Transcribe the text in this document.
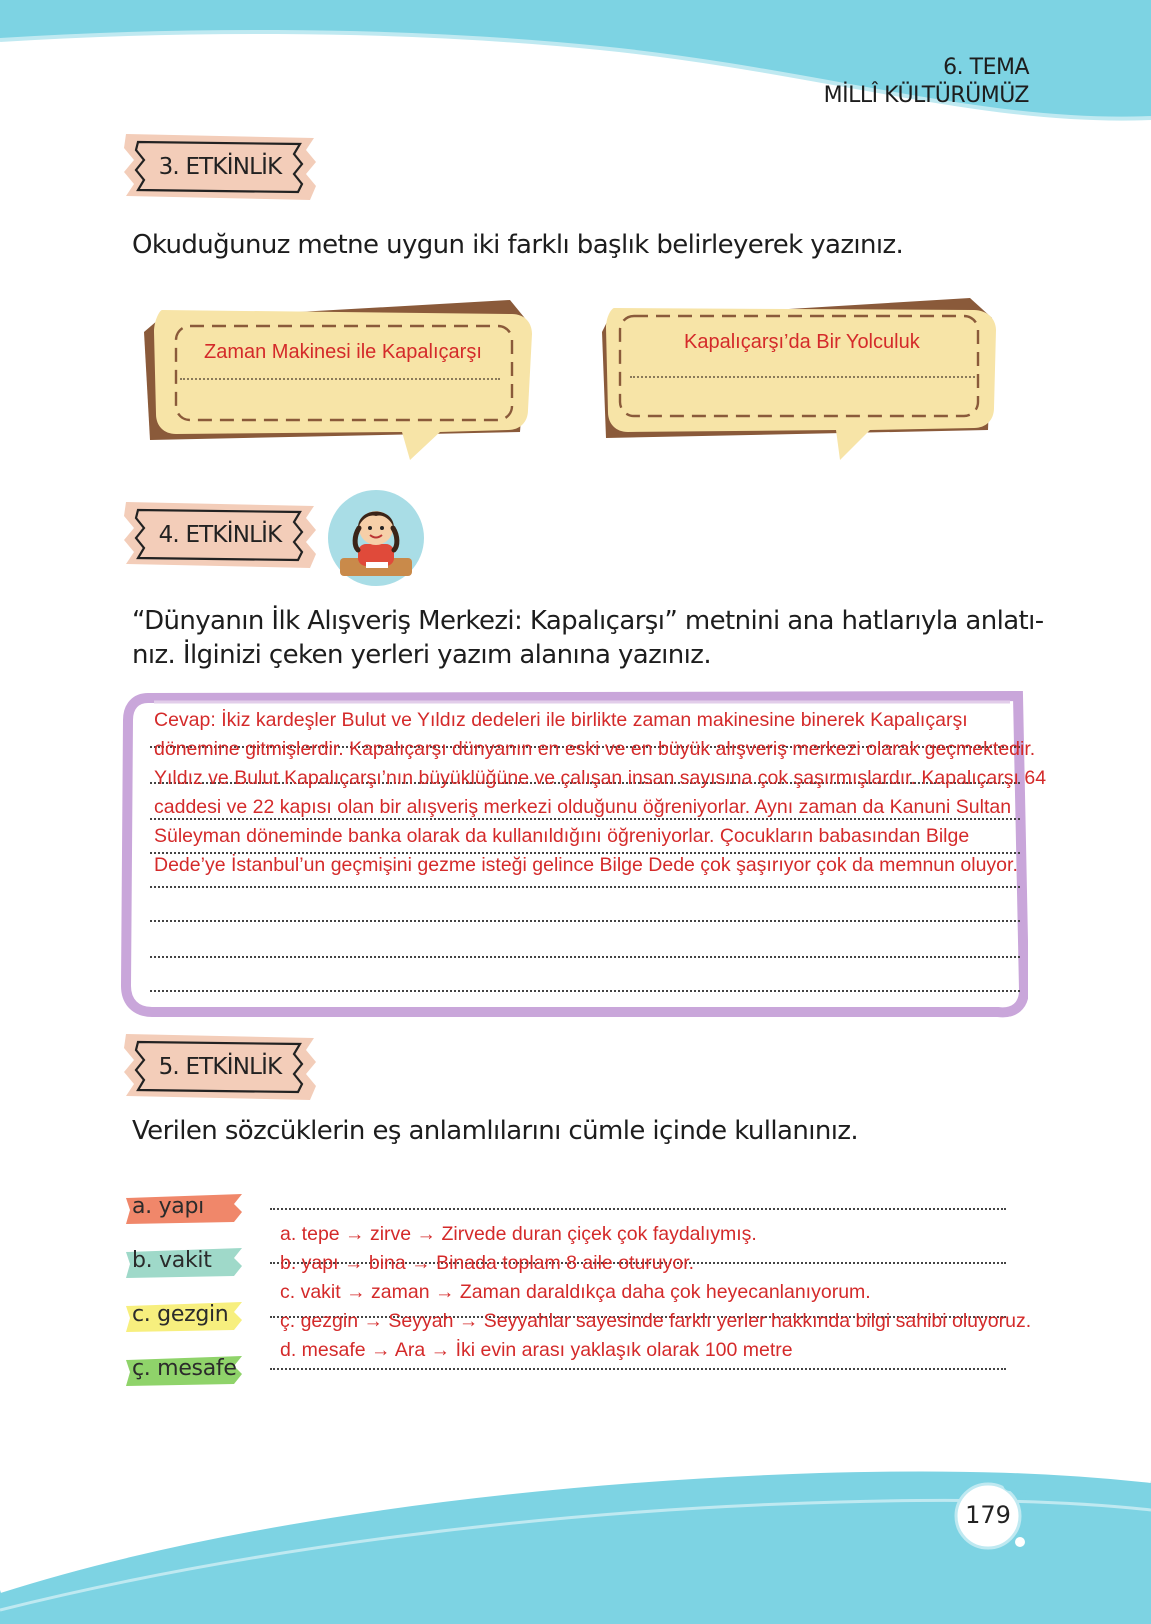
6. TEMA
MİLLÎ KÜLTÜRÜMÜZ
3. ETKİNLİK
Okuduğunuz metne uygun iki farklı başlık belirleyerek yazınız.
Zaman Makinesi ile Kapalıçarşı	Kapalıçarşı’da Bir Yolculuk
4. ETKİNLİK
“Dünyanın İlk Alışveriş Merkezi: Kapalıçarşı” metnini ana hatlarıyla anlatı-
nız. İlginizi çeken yerleri yazım alanına yazınız.
Cevap: İkiz kardeşler Bulut ve Yıldız dedeleri ile birlikte zaman makinesine binerek Kapalıçarşı
dönemine gitmişlerdir. Kapalıçarşı dünyanın en eski ve en büyük alışveriş merkezi olarak geçmektedir.
Yıldız ve Bulut Kapalıçarşı’nın büyüklüğüne ve çalışan insan sayısına çok şaşırmışlardır. Kapalıçarşı 64
caddesi ve 22 kapısı olan bir alışveriş merkezi olduğunu öğreniyorlar. Aynı zaman da Kanuni Sultan
Süleyman döneminde banka olarak da kullanıldığını öğreniyorlar. Çocukların babasından Bilge
Dede’ye İstanbul’un geçmişini gezme isteği gelince Bilge Dede çok şaşırıyor çok da memnun oluyor.
5. ETKİNLİK
Verilen sözcüklerin eş anlamlılarını cümle içinde kullanınız.
a. yapı
b. vakit
c. gezgin
ç. mesafe
a. tepe → zirve → Zirvede duran çiçek çok faydalıymış.
b. yapı → bina → Binada toplam 8 aile oturuyor.
c. vakit → zaman → Zaman daraldıkça daha çok heyecanlanıyorum.
ç. gezgin → Seyyah → Seyyahlar sayesinde farklı yerler hakkında bilgi sahibi oluyoruz.
d. mesafe → Ara → İki evin arası yaklaşık olarak 100 metre
179
